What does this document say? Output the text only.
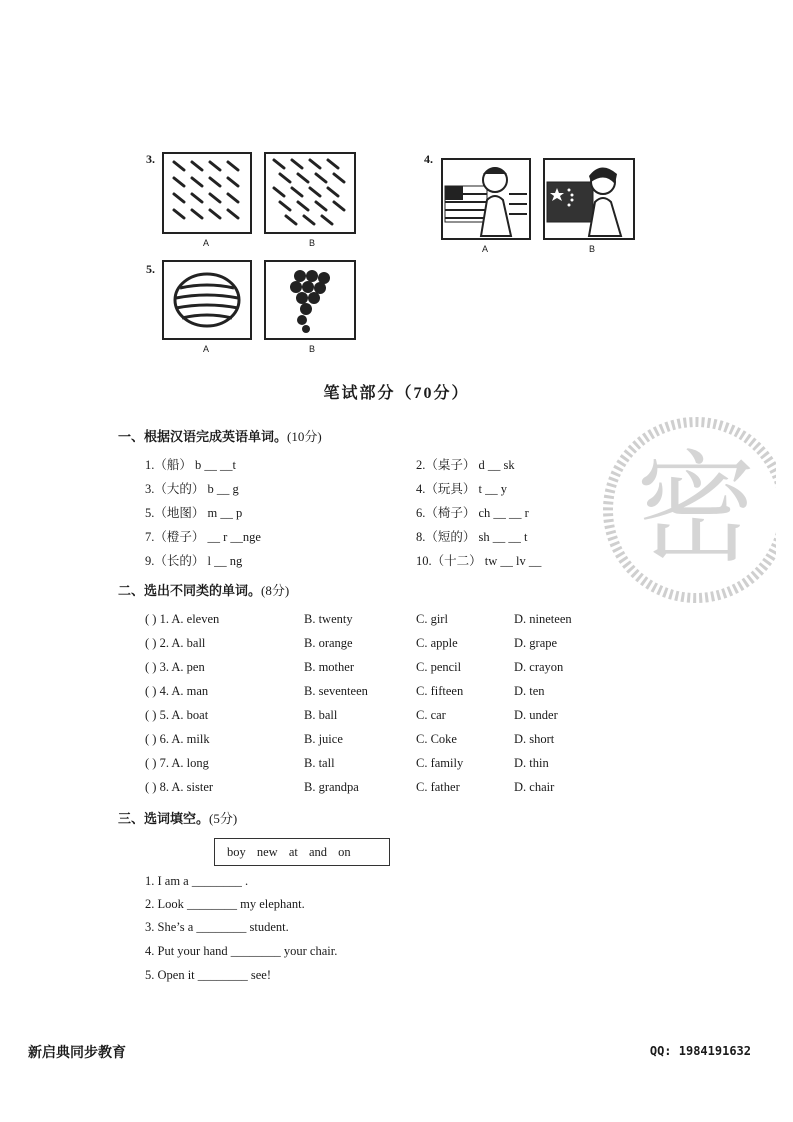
3.
A	B
4.
A	B
5.
A	B
笔试部分（70分）
一、根据汉语完成英语单词。(10分)
1.（船） b __ __t	2.（桌子） d __ sk
3.（大的） b __ g	4.（玩具） t __ y
5.（地图） m __ p	6.（椅子） ch __ __ r
7.（橙子） __ r __nge	8.（短的） sh __ __ t
9.（长的） l __ ng	10.（十二） tw __ lv __
二、选出不同类的单词。(8分)
( ) 1. A. eleven	B. twenty	C. girl	D. nineteen
( ) 2. A. ball	B. orange	C. apple	D. grape
( ) 3. A. pen	B. mother	C. pencil	D. crayon
( ) 4. A. man	B. seventeen	C. fifteen	D. ten
( ) 5. A. boat	B. ball	C. car	D. under
( ) 6. A. milk	B. juice	C. Coke	D. short
( ) 7. A. long	B. tall	C. family	D. thin
( ) 8. A. sister	B. grandpa	C. father	D. chair
三、选词填空。(5分)
boy new at and on
1. I am a ________ .
2. Look ________ my elephant.
3. She’s a ________ student.
4. Put your hand ________ your chair.
5. Open it ________ see!
密
新启典同步教育	QQ: 1984191632
